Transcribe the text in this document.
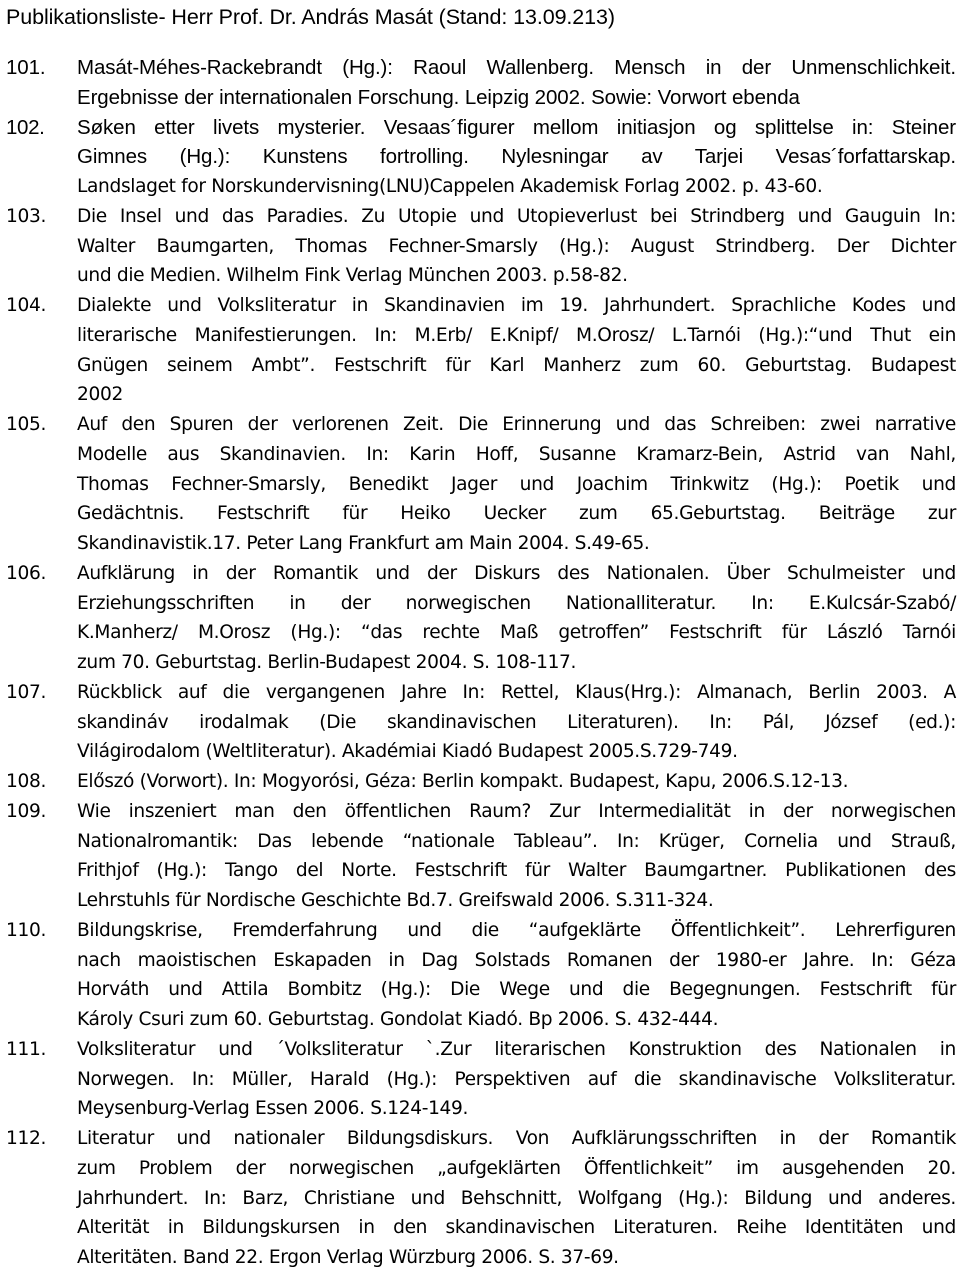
Publikationsliste- Herr Prof. Dr. András Masát (Stand: 13.09.213)
101.	Masát-Méhes-Rackebrandt (Hg.): Raoul Wallenberg. Mensch in der Unmenschlichkeit.
Ergebnisse der internationalen Forschung. Leipzig 2002. Sowie: Vorwort ebenda
102.	Søken etter livets mysterier. Vesaas´figurer mellom initiasjon og splittelse in: Steiner
Gimnes (Hg.): Kunstens fortrolling. Nylesningar av Tarjei Vesas´forfattarskap.
Landslaget for Norskundervisning(LNU)Cappelen Akademisk Forlag 2002. p. 43-60.
103.	Die Insel und das Paradies. Zu Utopie und Utopieverlust bei Strindberg und Gauguin In:
Walter Baumgarten, Thomas Fechner-Smarsly (Hg.): August Strindberg. Der Dichter
und die Medien. Wilhelm Fink Verlag München 2003. p.58-82.
104.	Dialekte und Volksliteratur in Skandinavien im 19. Jahrhundert. Sprachliche Kodes und
literarische Manifestierungen. In: M.Erb/ E.Knipf/ M.Orosz/ L.Tarnói (Hg.):“und Thut ein
Gnügen seinem Ambt”. Festschrift für Karl Manherz zum 60. Geburtstag. Budapest
2002
105.	Auf den Spuren der verlorenen Zeit. Die Erinnerung und das Schreiben: zwei narrative
Modelle aus Skandinavien. In: Karin Hoff, Susanne Kramarz-Bein, Astrid van Nahl,
Thomas Fechner-Smarsly, Benedikt Jager und Joachim Trinkwitz (Hg.): Poetik und
Gedächtnis. Festschrift für Heiko Uecker zum 65.Geburtstag. Beiträge zur
Skandinavistik.17. Peter Lang Frankfurt am Main 2004. S.49-65.
106.	Aufklärung in der Romantik und der Diskurs des Nationalen. Über Schulmeister und
Erziehungsschriften in der norwegischen Nationalliteratur. In: E.Kulcsár-Szabó/
K.Manherz/ M.Orosz (Hg.): “das rechte Maß getroffen” Festschrift für László Tarnói
zum 70. Geburtstag. Berlin-Budapest 2004. S. 108-117.
107.	Rückblick auf die vergangenen Jahre In: Rettel, Klaus(Hrg.): Almanach, Berlin 2003. A
skandináv irodalmak (Die skandinavischen Literaturen). In: Pál, József (ed.):
Világirodalom (Weltliteratur). Akadémiai Kiadó Budapest 2005.S.729-749.
108.	Előszó (Vorwort). In: Mogyorósi, Géza: Berlin kompakt. Budapest, Kapu, 2006.S.12-13.
109.	Wie inszeniert man den öffentlichen Raum? Zur Intermedialität in der norwegischen
Nationalromantik: Das lebende “nationale Tableau”. In: Krüger, Cornelia und Strauß,
Frithjof (Hg.): Tango del Norte. Festschrift für Walter Baumgartner. Publikationen des
Lehrstuhls für Nordische Geschichte Bd.7. Greifswald 2006. S.311-324.
110.	Bildungskrise, Fremderfahrung und die “aufgeklärte Öffentlichkeit”. Lehrerfiguren
nach maoistischen Eskapaden in Dag Solstads Romanen der 1980-er Jahre. In: Géza
Horváth und Attila Bombitz (Hg.): Die Wege und die Begegnungen. Festschrift für
Károly Csuri zum 60. Geburtstag. Gondolat Kiadó. Bp 2006. S. 432-444.
111.	Volksliteratur und ´Volksliteratur `.Zur literarischen Konstruktion des Nationalen in
Norwegen. In: Müller, Harald (Hg.): Perspektiven auf die skandinavische Volksliteratur.
Meysenburg-Verlag Essen 2006. S.124-149.
112.	Literatur und nationaler Bildungsdiskurs. Von Aufklärungsschriften in der Romantik
zum Problem der norwegischen „aufgeklärten Öffentlichkeit” im ausgehenden 20.
Jahrhundert. In: Barz, Christiane und Behschnitt, Wolfgang (Hg.): Bildung und anderes.
Alterität in Bildungskursen in den skandinavischen Literaturen. Reihe Identitäten und
Alteritäten. Band 22. Ergon Verlag Würzburg 2006. S. 37-69.
